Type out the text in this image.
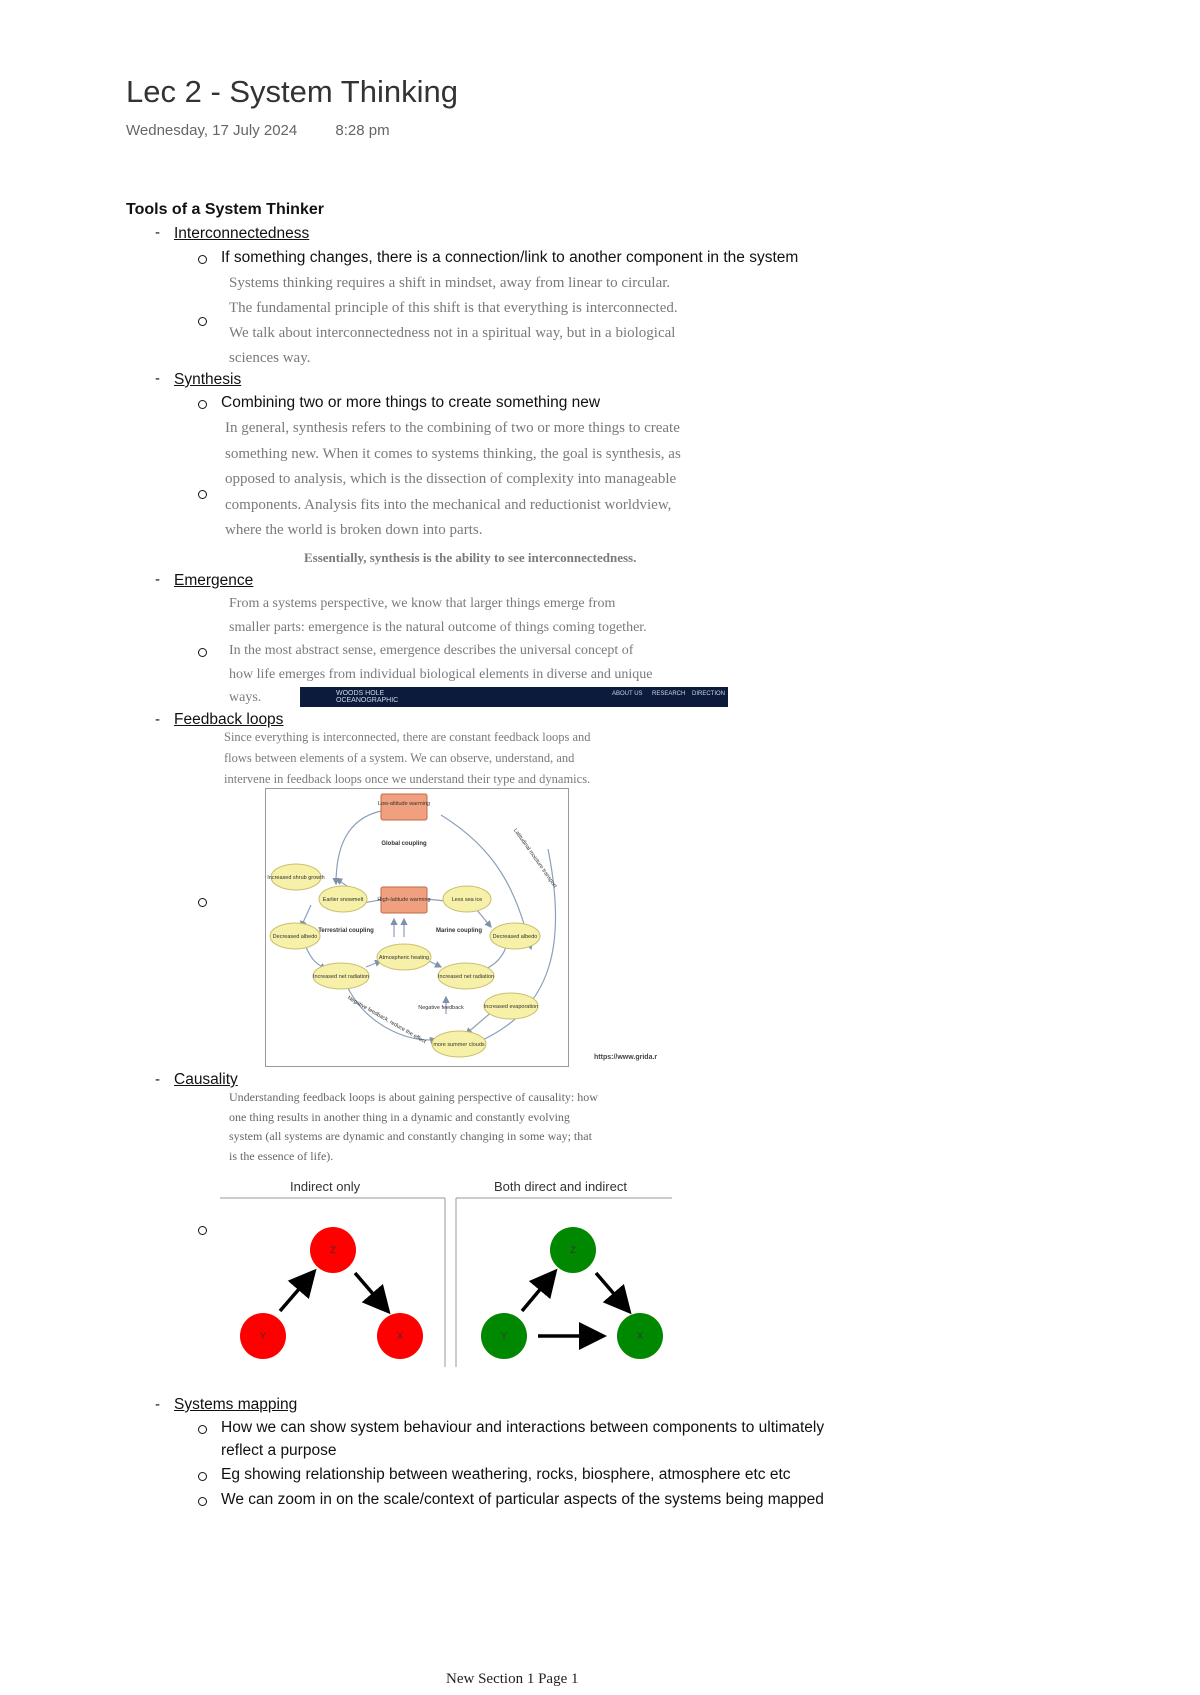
Lec 2 - System Thinking
Wednesday, 17 July 2024	8:28 pm
Tools of a System Thinker
- Interconnectedness
If something changes, there is a connection/link to another component in the system
Systems thinking requires a shift in mindset, away from linear to circular.
The fundamental principle of this shift is that everything is interconnected.
We talk about interconnectedness not in a spiritual way, but in a biological
sciences way.
- Synthesis
Combining two or more things to create something new
In general, synthesis refers to the combining of two or more things to create
something new. When it comes to systems thinking, the goal is synthesis, as
opposed to analysis, which is the dissection of complexity into manageable
components. Analysis fits into the mechanical and reductionist worldview,
where the world is broken down into parts.
Essentially, synthesis is the ability to see interconnectedness.
- Emergence
From a systems perspective, we know that larger things emerge from
smaller parts: emergence is the natural outcome of things coming together.
In the most abstract sense, emergence describes the universal concept of
how life emerges from individual biological elements in diverse and unique
ways.	WOODS HOLE OCEANOGRAPHIC
ABOUT US RESEARCH DIRECTION
- Feedback loops
Since everything is interconnected, there are constant feedback loops and
flows between elements of a system. We can observe, understand, and
intervene in feedback loops once we understand their type and dynamics.
Low-altitude warming
High-latitude warming
Increased shrub growth
Earlier snowmelt	Less sea ice
Decreased albedo	Decreased albedo
Atmospheric heating
Increased net radiation	Increased net radiation
Increased evaporation
more summer clouds
Global coupling
Terrestrial coupling	Marine coupling
Negative feedback
Latitudinal moisture transport
Negative feedback, reduce the effect
https://www.grida.r
- Causality
Understanding feedback loops is about gaining perspective of causality: how
one thing results in another thing in a dynamic and constantly evolving
system (all systems are dynamic and constantly changing in some way; that
is the essence of life).
Indirect only	Both direct and indirect
Z
Y	X
Z
Y	X
- Systems mapping
How we can show system behaviour and interactions between components to ultimately
reflect a purpose
Eg showing relationship between weathering, rocks, biosphere, atmosphere etc etc
We can zoom in on the scale/context of particular aspects of the systems being mapped
New Section 1 Page 1
